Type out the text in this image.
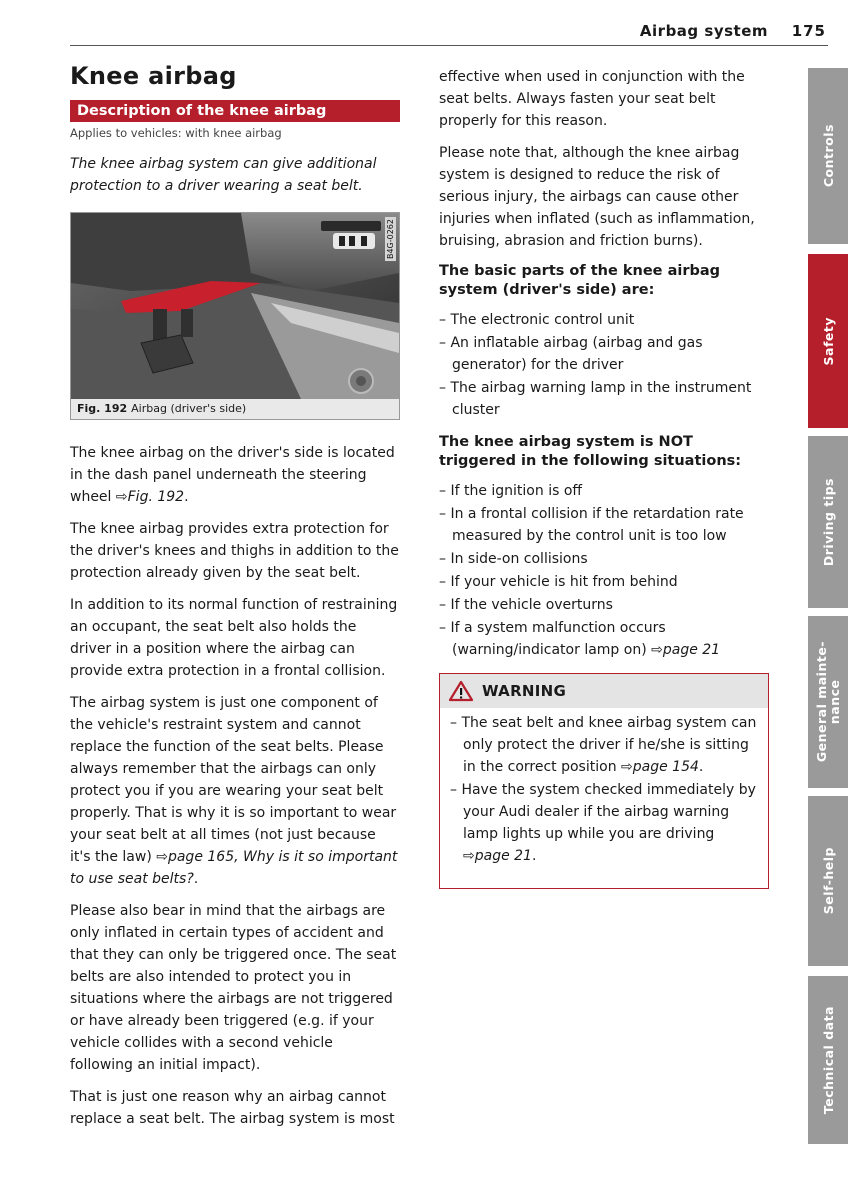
Airbag system 175
Knee airbag
Description of the knee airbag
Applies to vehicles: with knee airbag
The knee airbag system can give additional protection to a driver wearing a seat belt.
B4G-0262
Fig. 192 Airbag (driver's side)

The knee airbag on the driver's side is located in the dash panel underneath the steering wheel ⇨Fig. 192.

The knee airbag provides extra protection for the driver's knees and thighs in addition to the protection already given by the seat belt.

In addition to its normal function of restraining an occupant, the seat belt also holds the driver in a position where the airbag can provide extra protection in a frontal collision.

The airbag system is just one component of the vehicle's restraint system and cannot replace the function of the seat belts. Please always remember that the airbags can only protect you if you are wearing your seat belt properly. That is why it is so important to wear your seat belt at all times (not just because it's the law) ⇨page 165, Why is it so important to use seat belts?.

Please also bear in mind that the airbags are only inflated in certain types of accident and that they can only be triggered once. The seat belts are also intended to protect you in situations where the airbags are not triggered or have already been triggered (e.g. if your vehicle collides with a second vehicle following an initial impact).

That is just one reason why an airbag cannot replace a seat belt. The airbag system is most

effective when used in conjunction with the seat belts. Always fasten your seat belt properly for this reason.

Please note that, although the knee airbag system is designed to reduce the risk of serious injury, the airbags can cause other injuries when inflated (such as inflammation, bruising, abrasion and friction burns).

The basic parts of the knee airbag system (driver's side) are:
– The electronic control unit
– An inflatable airbag (airbag and gas generator) for the driver
– The airbag warning lamp in the instrument cluster
The knee airbag system is NOT triggered in the following situations:
– If the ignition is off
– In a frontal collision if the retardation rate measured by the control unit is too low
– In side-on collisions
– If your vehicle is hit from behind
– If the vehicle overturns
– If a system malfunction occurs (warning/indicator lamp on) ⇨page 21
WARNING
– The seat belt and knee airbag system can only protect the driver if he/she is sitting in the correct position ⇨page 154.
– Have the system checked immediately by your Audi dealer if the airbag warning lamp lights up while you are driving ⇨page 21.
Controls
Safety
Driving tips
General mainte-
nance
Self-help
Technical data
